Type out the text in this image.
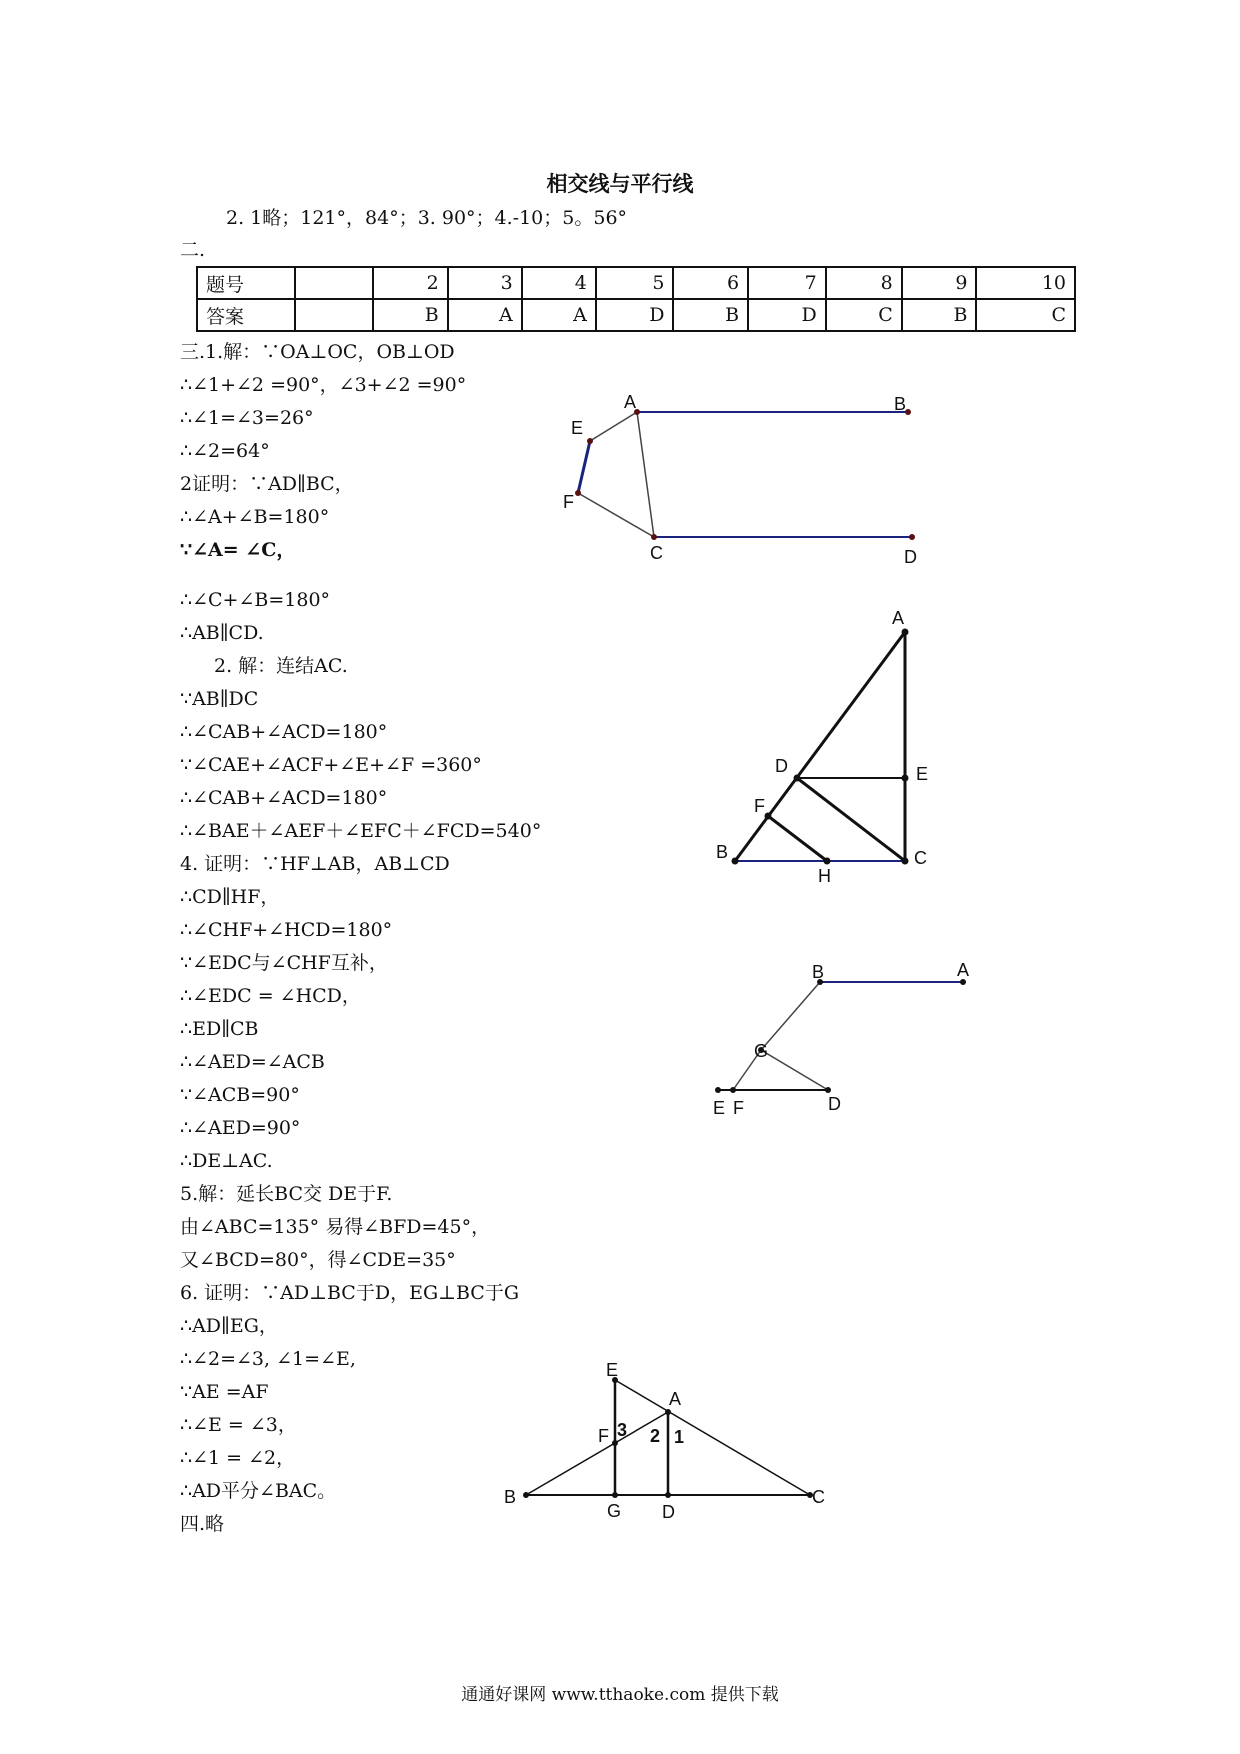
相交线与平行线
2. 1略；121°，84°；3. 90°；4.-10；5。56°
二.
题号		2	3	4	5	6	7	8	9	10
答案		B	A	A	D	B	D	C	B	C
三.1.解：∵OA⊥OC，OB⊥OD
∴∠1+∠2 =90°，∠3+∠2 =90°
∴∠1=∠3=26°
∴∠2=64°
2证明：∵AD∥BC，
∴∠A+∠B=180°
∵∠A= ∠C，
∴∠C+∠B=180°
∴AB∥CD.
2. 解：连结AC.
∵AB∥DC
∴∠CAB+∠ACD=180°
∵∠CAE+∠ACF+∠E+∠F =360°
∴∠CAB+∠ACD=180°
∴∠BAE＋∠AEF＋∠EFC＋∠FCD=540°
4. 证明：∵HF⊥AB，AB⊥CD
∴CD∥HF，
∴∠CHF+∠HCD=180°
∵∠EDC与∠CHF互补，
∴∠EDC = ∠HCD，
∴ED∥CB
∴∠AED=∠ACB
∵∠ACB=90°
∴∠AED=90°
∴DE⊥AC.
5.解：延长BC交 DE于F.
由∠ABC=135° 易得∠BFD=45°，
又∠BCD=80°，得∠CDE=35°
6. 证明：∵AD⊥BC于D，EG⊥BC于G
∴AD∥EG，
∴∠2=∠3, ∠1=∠E,
∵AE =AF
∴∠E = ∠3，
∴∠1 = ∠2，
∴AD平分∠BAC。
四.略
A	B
E
F
C	D
A
D	E
F
B
H
C
B	A
G
E F	D
E
A
F 3 2 1
B
G D
C
通通好课网 www.tthaoke.com 提供下载
